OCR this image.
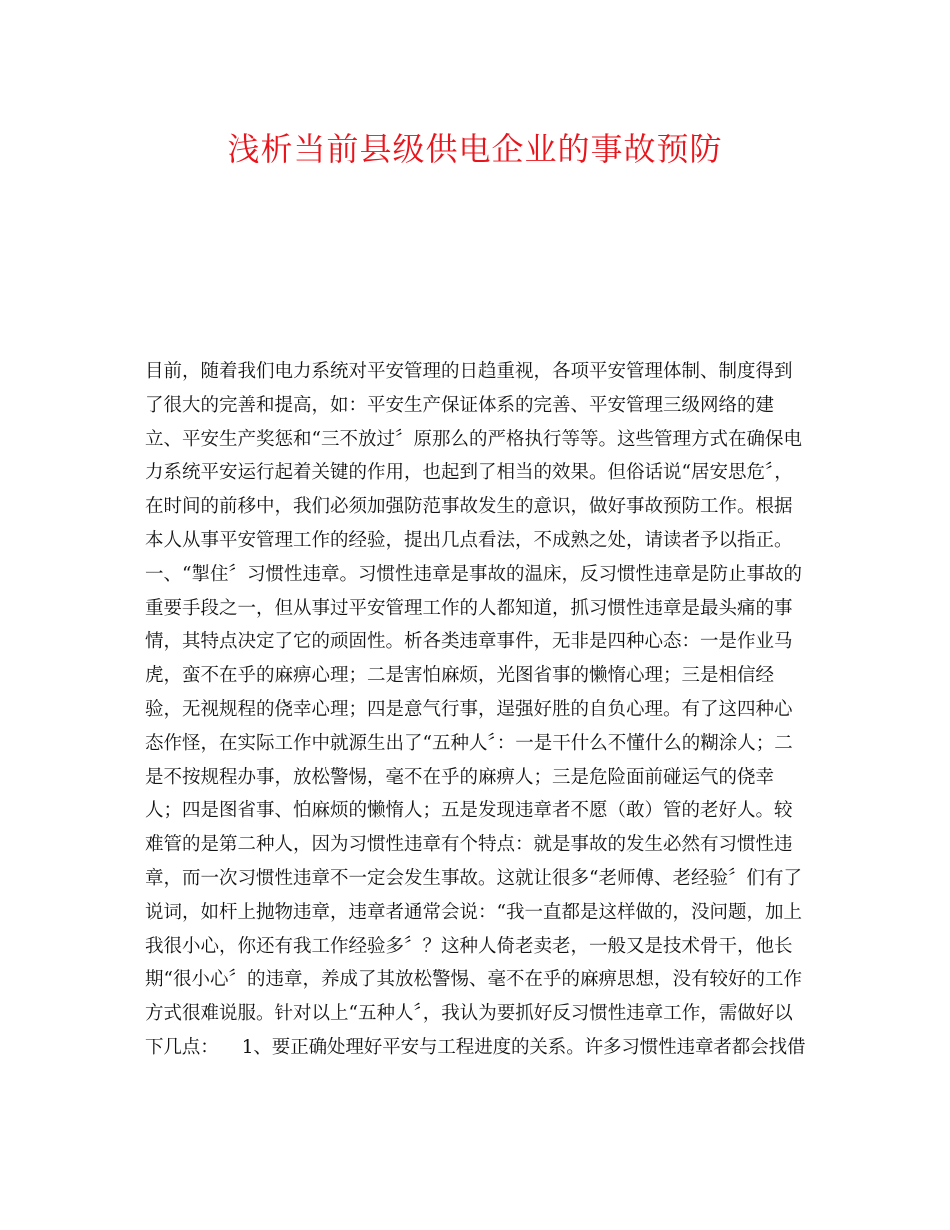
浅析当前县级供电企业的事故预防
目前，随着我们电力系统对平安管理的日趋重视，各项平安管理体制、制度得到
了很大的完善和提高，如：平安生产保证体系的完善、平安管理三级网络的建
立、平安生产奖惩和“三不放过〞原那么的严格执行等等。这些管理方式在确保电
力系统平安运行起着关键的作用，也起到了相当的效果。但俗话说“居安思危〞，
在时间的前移中，我们必须加强防范事故发生的意识，做好事故预防工作。根据
本人从事平安管理工作的经验，提出几点看法，不成熟之处，请读者予以指正。
一、“掣住〞习惯性违章。习惯性违章是事故的温床，反习惯性违章是防止事故的
重要手段之一，但从事过平安管理工作的人都知道，抓习惯性违章是最头痛的事
情，其特点决定了它的顽固性。析各类违章事件，无非是四种心态：一是作业马
虎，蛮不在乎的麻痹心理；二是害怕麻烦，光图省事的懒惰心理；三是相信经
验，无视规程的侥幸心理；四是意气行事，逞强好胜的自负心理。有了这四种心
态作怪，在实际工作中就源生出了“五种人〞：一是干什么不懂什么的糊涂人；二
是不按规程办事，放松警惕，毫不在乎的麻痹人；三是危险面前碰运气的侥幸
人；四是图省事、怕麻烦的懒惰人；五是发现违章者不愿（敢）管的老好人。较
难管的是第二种人，因为习惯性违章有个特点：就是事故的发生必然有习惯性违
章，而一次习惯性违章不一定会发生事故。这就让很多“老师傅、老经验〞们有了
说词，如杆上抛物违章，违章者通常会说：“我一直都是这样做的，没问题，加上
我很小心，你还有我工作经验多〞？这种人倚老卖老，一般又是技术骨干，他长
期“很小心〞的违章，养成了其放松警惕、毫不在乎的麻痹思想，没有较好的工作
方式很难说服。针对以上“五种人〞，我认为要抓好反习惯性违章工作，需做好以
下几点：    1、要正确处理好平安与工程进度的关系。许多习惯性违章者都会找借
